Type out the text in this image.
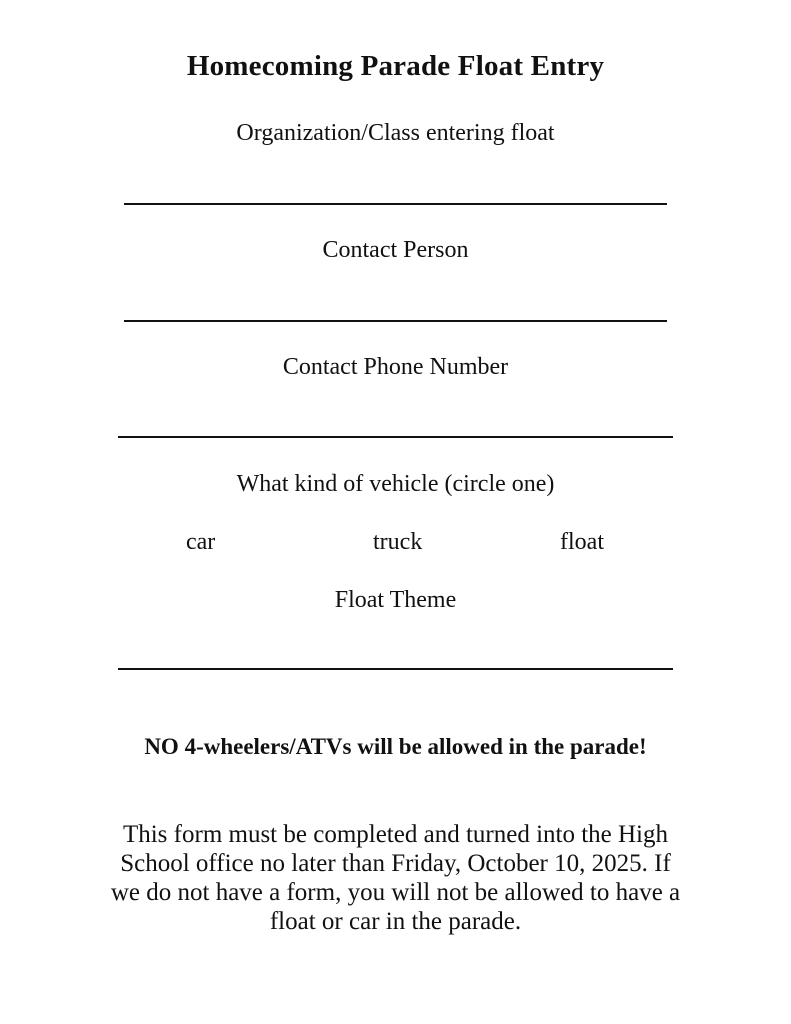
Homecoming Parade Float Entry

Organization/Class entering float

Contact Person

Contact Phone Number

What kind of vehicle (circle one)

car	truck	float

Float Theme

NO 4-wheelers/ATVs will be allowed in the parade!

This form must be completed and turned into the High School office no later than Friday, October 10, 2025. If we do not have a form, you will not be allowed to have a float or car in the parade.
